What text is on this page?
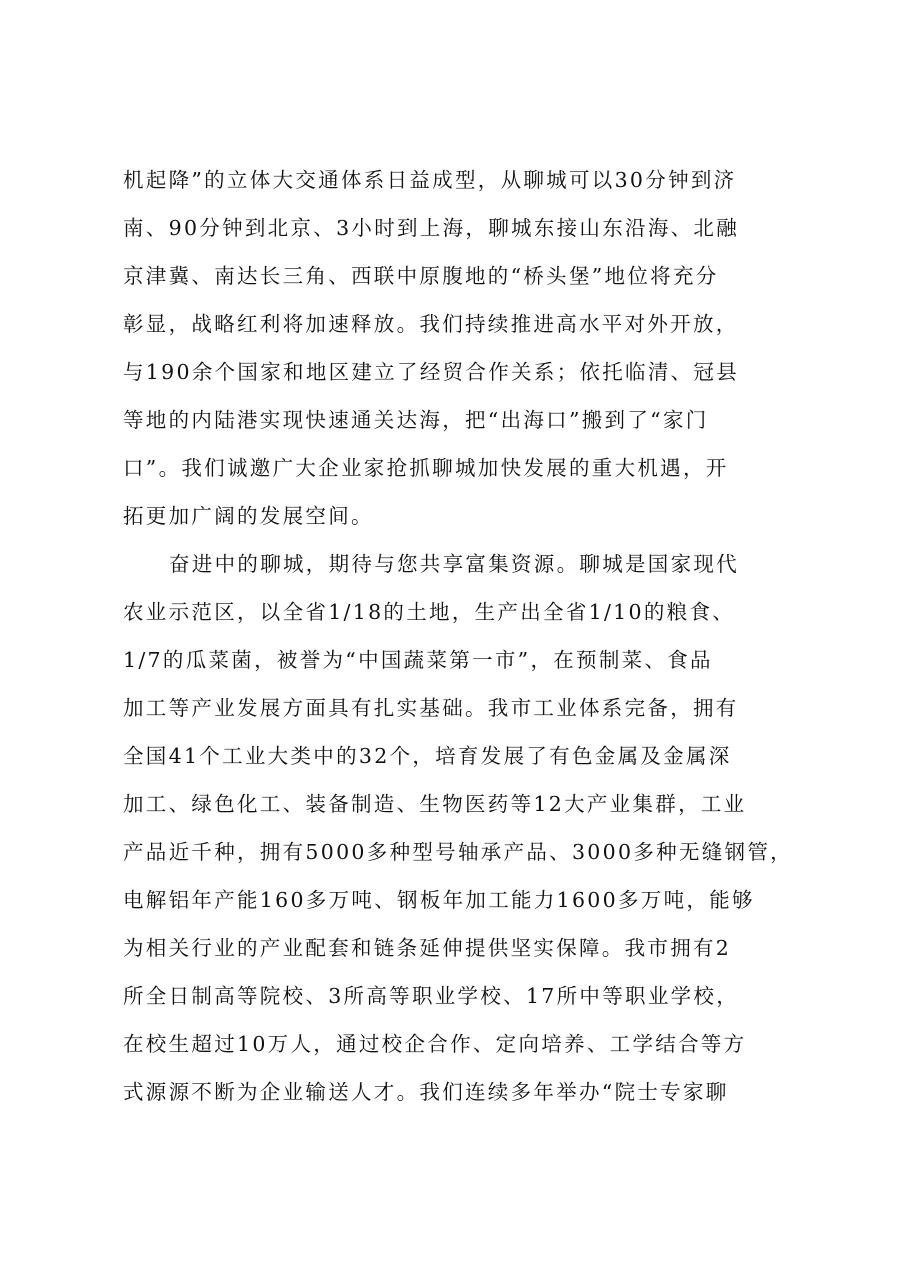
机起降”的立体大交通体系日益成型，从聊城可以30分钟到济
南、90分钟到北京、3小时到上海，聊城东接山东沿海、北融
京津冀、南达长三角、西联中原腹地的“桥头堡”地位将充分
彰显，战略红利将加速释放。我们持续推进高水平对外开放，
与190余个国家和地区建立了经贸合作关系；依托临清、冠县
等地的内陆港实现快速通关达海，把“出海口”搬到了“家门
口”。我们诚邀广大企业家抢抓聊城加快发展的重大机遇，开
拓更加广阔的发展空间。
奋进中的聊城，期待与您共享富集资源。聊城是国家现代
农业示范区，以全省1/18的土地，生产出全省1/10的粮食、
1/7的瓜菜菌，被誉为“中国蔬菜第一市”，在预制菜、食品
加工等产业发展方面具有扎实基础。我市工业体系完备，拥有
全国41个工业大类中的32个，培育发展了有色金属及金属深
加工、绿色化工、装备制造、生物医药等12大产业集群，工业
产品近千种，拥有5000多种型号轴承产品、3000多种无缝钢管，
电解铝年产能160多万吨、钢板年加工能力1600多万吨，能够
为相关行业的产业配套和链条延伸提供坚实保障。我市拥有2
所全日制高等院校、3所高等职业学校、17所中等职业学校，
在校生超过10万人，通过校企合作、定向培养、工学结合等方
式源源不断为企业输送人才。我们连续多年举办“院士专家聊
